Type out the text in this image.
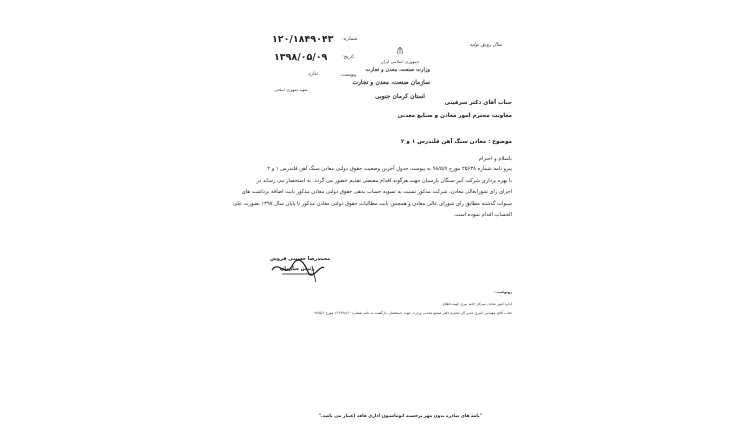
سال رونق تولید
جمهوری اسلامی ایران
وزارت صنعت، معدن و تجارت
سازمان صنعت، معدن و تجارت
استان کرمان جنوبی
۱۲۰/۱۸۴۹۰۴۳ شماره:
۱۳۹۸/۰۵/۰۹	تاریخ:
ندارد	پیوست:
شهید جمهوری اسلامی
جناب آقای دکتر سرقینی
معاونت محترم امور معادن و صنایع معدنی
موضوع : معادن سنگ آهن قلندرس ۱ و ۲
باسلام و احترام
پیرو نامه شماره ۲۵۶۳۸ مورخ ۹۸/۵/۷ به پیوست جدول آخرین وضعیت حقوق دولتی معادن سنگ آهن قلندرس ۱ و ۲
با بهره برداری شرکت آبیر سنگان پارسیان جهت هرگونه اقدام مقتضی تقدیم حضور می گردد. به استحضار می رساند در
اجرای رای شورایعالی معادن، شرکت مذکور نسبت به تسویه حساب بدهی حقوق دولتی معادن مذکور بابت اضافه برداشت های
سنوات گذشته مطابق رای شورای عالی معادن و همچنین بابت مطالبات حقوق دولتی معادن مذکور تا پایان سال ۱۳۹۷ بصورت علی
الحساب اقدام نموده است.
محمدرضا حسینی فروش
رئیس سازمان
رونوشت :
اداره امور معادن سرکار خانم نیری جهت اطلاع
جناب آقای مهندس امیری مدیر کل محترم دفتر صنایع معدنی وزارت جهت استحضار، بازگشت به نامه شماره ۱۲۶۹۷۸/۶۰ مورخ ۹۸/۵/۶
"نامه های صادره بدون مهر برجسته اتوماسیون اداری فاقد اعتبار می باشد."
